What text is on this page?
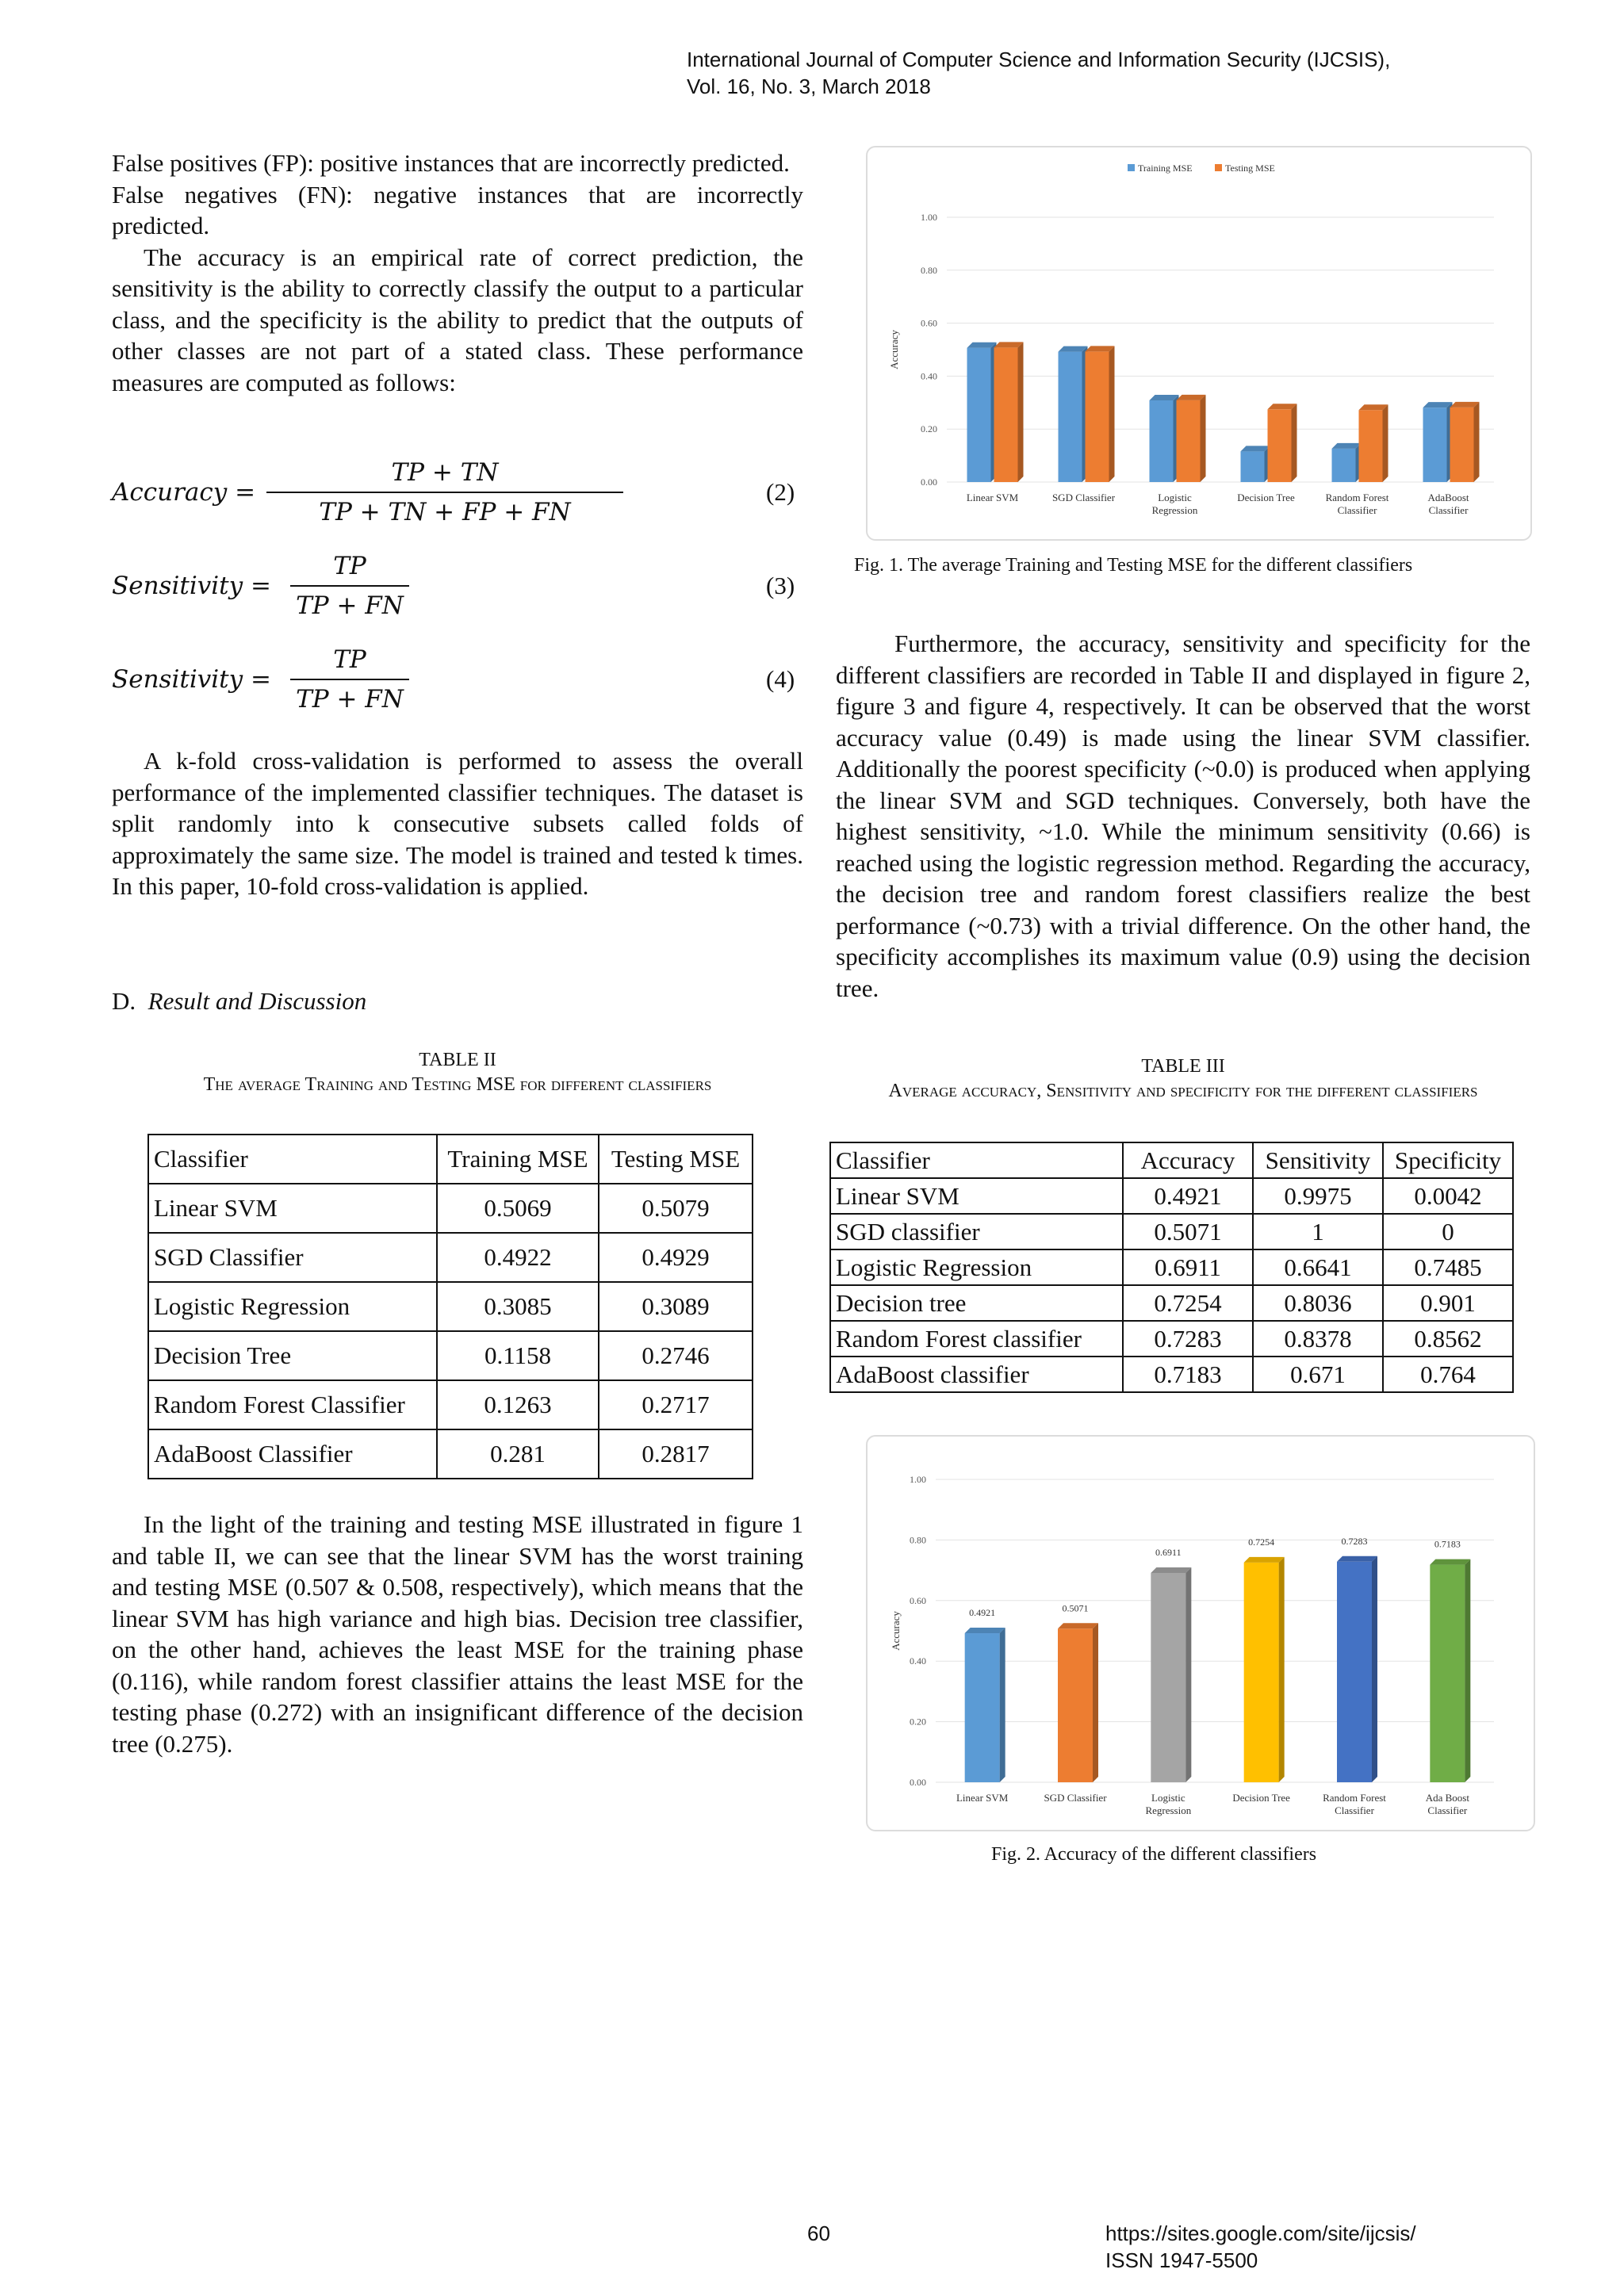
International Journal of Computer Science and Information Security (IJCSIS),
Vol. 16, No. 3, March 2018

False positives (FP): positive instances that are incorrectly predicted.

False negatives (FN): negative instances that are incorrectly predicted.

The accuracy is an empirical rate of correct prediction, the sensitivity is the ability to correctly classify the output to a particular class, and the specificity is the ability to predict that the outputs of other classes are not part of a stated class. These performance measures are computed as follows:

Accuracy = $\frac{TP + TN}{TP + TN + FP + FN}$	(2)
Sensitivity = $\frac{TP}{TP + FN}$	(3)
Sensitivity = $\frac{TP}{TP + FN}$	(4)

A k-fold cross-validation is performed to assess the overall performance of the implemented classifier techniques. The dataset is split randomly into k consecutive subsets called folds of approximately the same size. The model is trained and tested k times. In this paper, 10-fold cross-validation is applied.

D. Result and Discussion
TABLE II
The average Training and Testing MSE for different classifiers
Classifier	Training MSE	Testing MSE
Linear SVM	0.5069	0.5079
SGD Classifier	0.4922	0.4929
Logistic Regression	0.3085	0.3089
Decision Tree	0.1158	0.2746
Random Forest Classifier	0.1263	0.2717
AdaBoost Classifier	0.281	0.2817

In the light of the training and testing MSE illustrated in figure 1 and table II, we can see that the linear SVM has the worst training and testing MSE (0.507 & 0.508, respectively), which means that the linear SVM has high variance and high bias. Decision tree classifier, on the other hand, achieves the least MSE for the training phase (0.116), while random forest classifier attains the least MSE for the testing phase (0.272) with an insignificant difference of the decision tree (0.275).

0.00
0.20
0.40
0.60
0.80
1.00
Accuracy
Linear SVM	SGD Classifier	Logistic
Regression
Decision Tree	Random Forest
Classifier
AdaBoost
Classifier
Training MSE	Testing MSE
Fig. 1. The average Training and Testing MSE for the different classifiers

Furthermore, the accuracy, sensitivity and specificity for the different classifiers are recorded in Table II and displayed in figure 2, figure 3 and figure 4, respectively. It can be observed that the worst accuracy value (0.49) is made using the linear SVM classifier. Additionally the poorest specificity (~0.0) is produced when applying the linear SVM and SGD techniques. Conversely, both have the highest sensitivity, ~1.0. While the minimum sensitivity (0.66) is reached using the logistic regression method. Regarding the accuracy, the decision tree and random forest classifiers realize the best performance (~0.73) with a trivial difference. On the other hand, the specificity accomplishes its maximum value (0.9) using the decision tree.

TABLE III
Average accuracy, Sensitivity and specificity for the different classifiers
Classifier	Accuracy	Sensitivity	Specificity
Linear SVM	0.4921	0.9975	0.0042
SGD classifier	0.5071	1	0
Logistic Regression	0.6911	0.6641	0.7485
Decision tree	0.7254	0.8036	0.901
Random Forest classifier	0.7283	0.8378	0.8562
AdaBoost classifier	0.7183	0.671	0.764
0.00
0.20
0.40
0.60
0.80
1.00
Accuracy
Linear SVM	SGD Classifier	Logistic
Regression
Decision Tree	Random Forest
Classifier
Ada Boost
Classifier
0.4921	0.5071
0.6911
0.7254	0.7283	0.7183
Fig. 2. Accuracy of the different classifiers
60	https://sites.google.com/site/ijcsis/
ISSN 1947-5500
